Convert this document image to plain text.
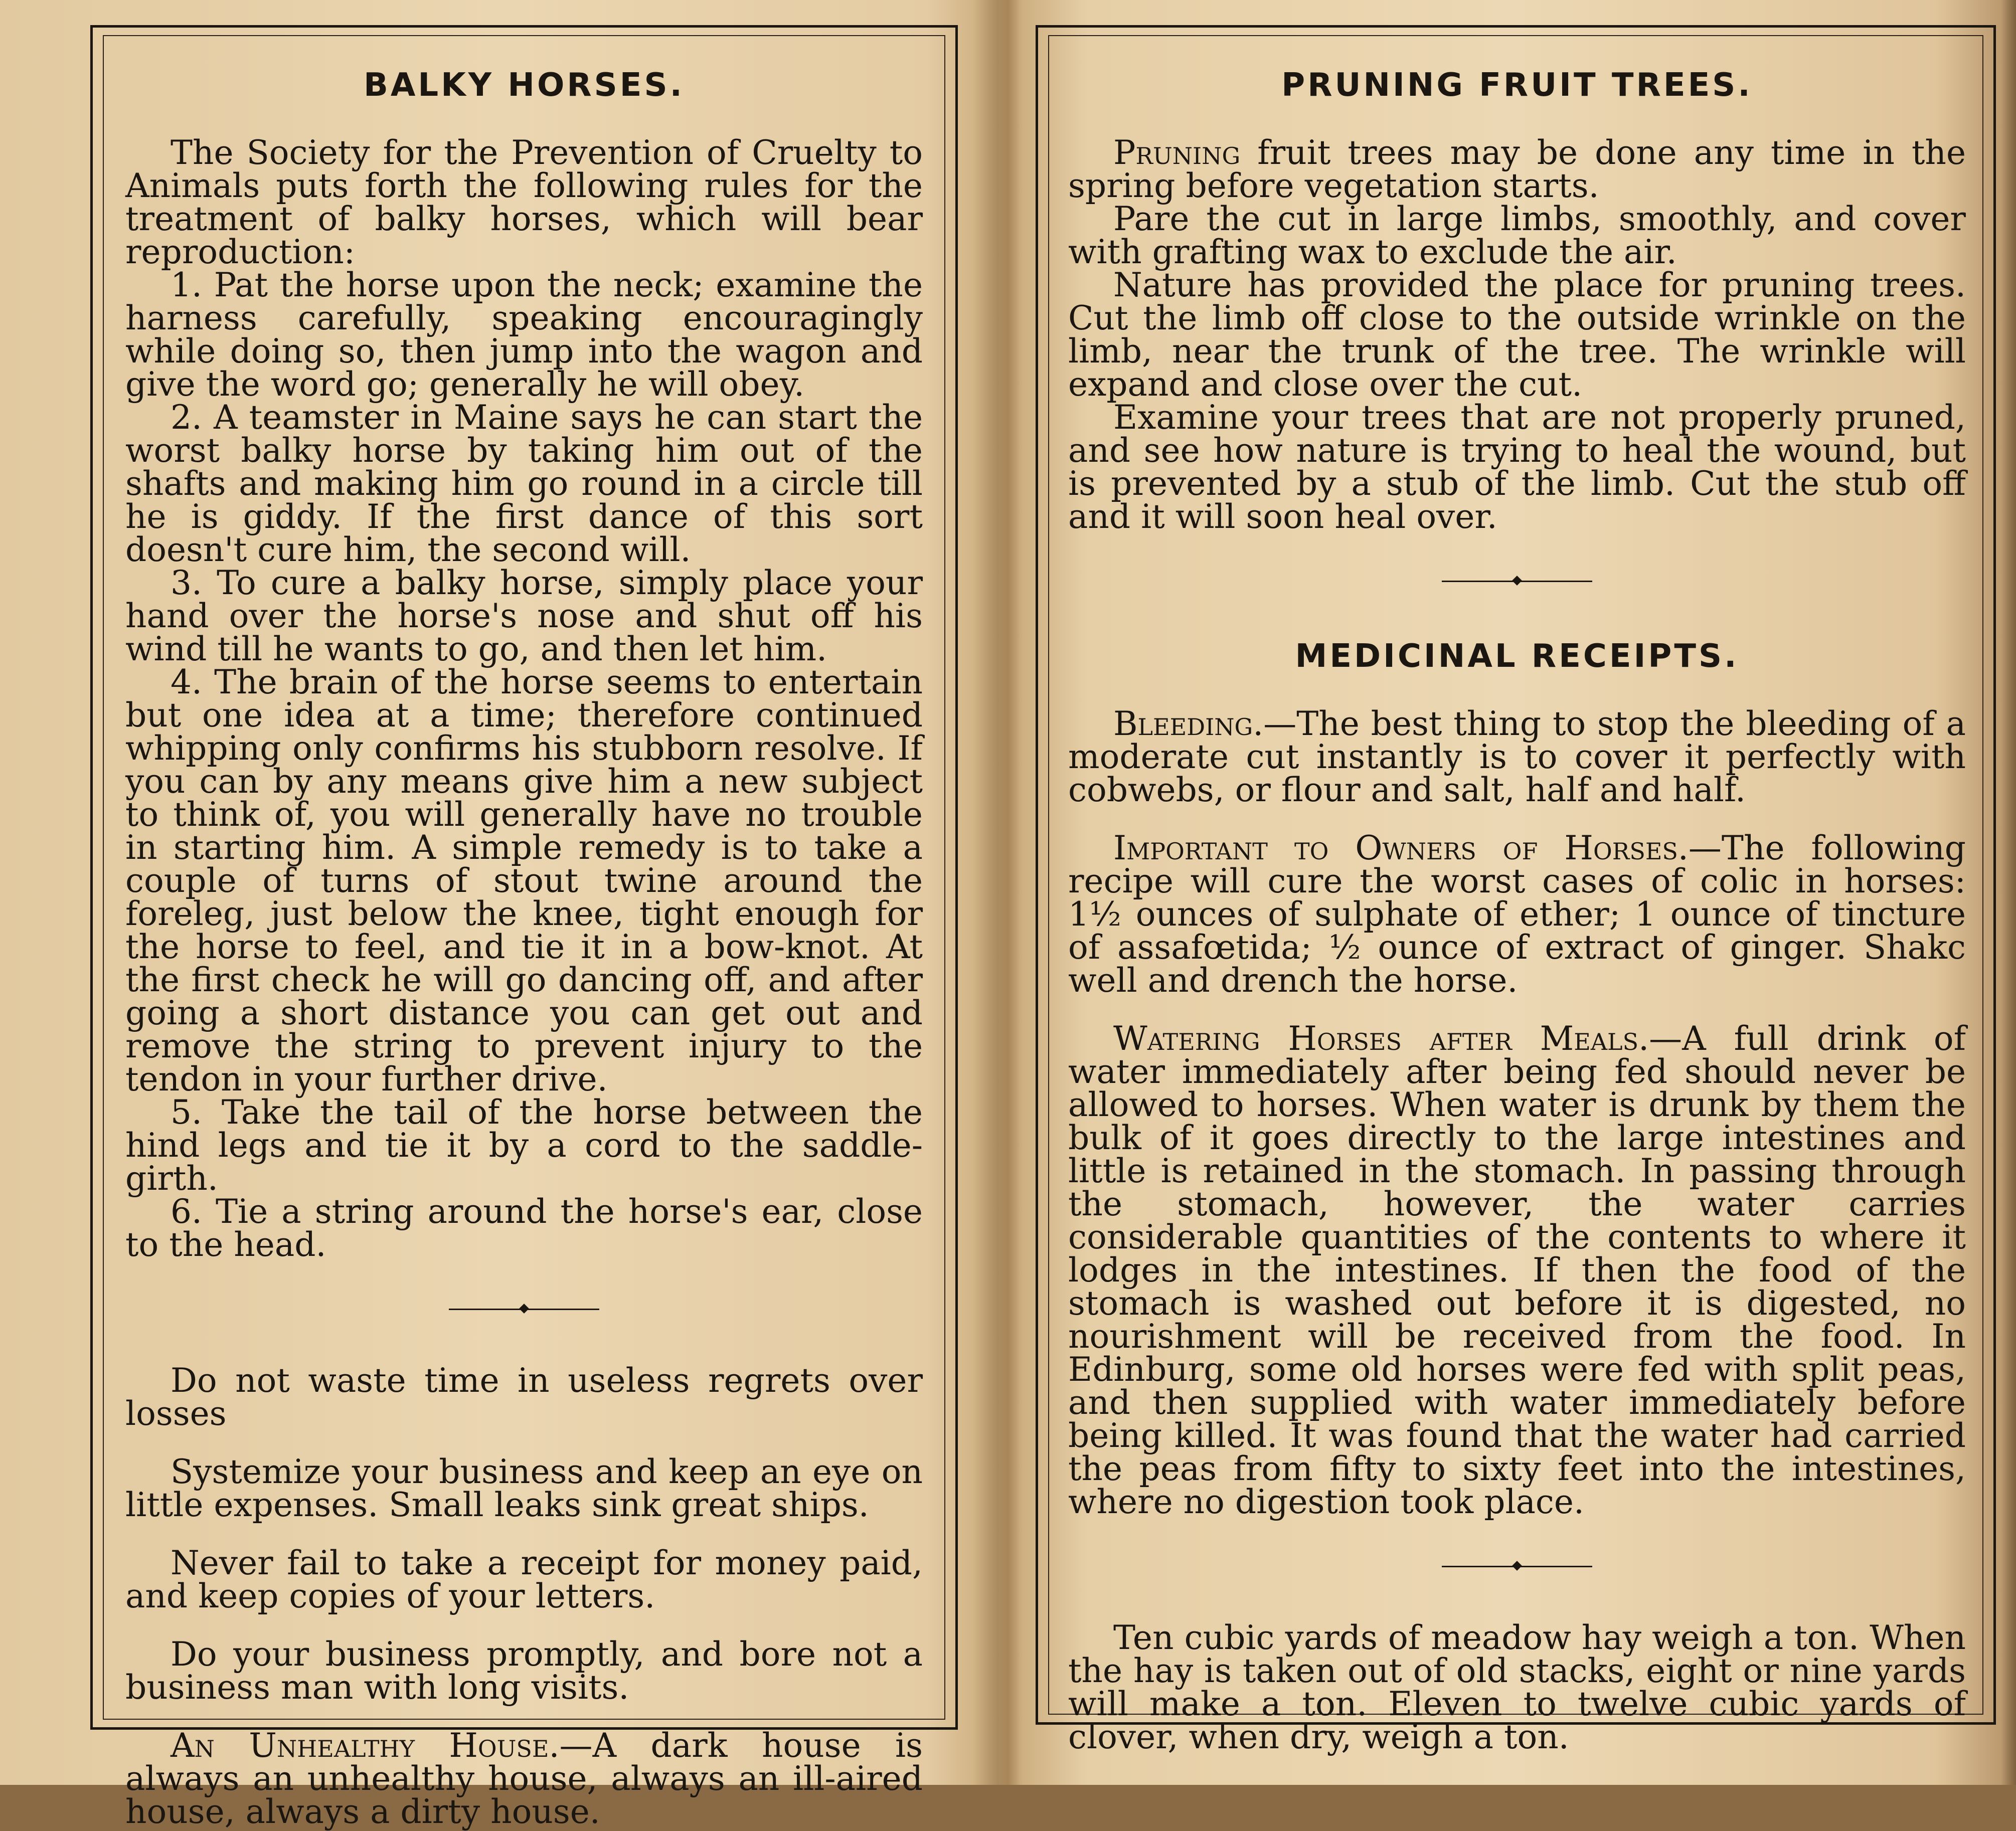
BALKY HORSES.

The Society for the Prevention of Cruelty to Animals puts forth the following rules for the treatment of balky horses, which will bear reproduction:

1. Pat the horse upon the neck; examine the harness carefully, speaking encouragingly while doing so, then jump into the wagon and give the word go; generally he will obey.

2. A teamster in Maine says he can start the worst balky horse by taking him out of the shafts and making him go round in a circle till he is giddy. If the first dance of this sort doesn't cure him, the second will.

3. To cure a balky horse, simply place your hand over the horse's nose and shut off his wind till he wants to go, and then let him.

4. The brain of the horse seems to entertain but one idea at a time; therefore continued whipping only confirms his stubborn resolve. If you can by any means give him a new subject to think of, you will generally have no trouble in starting him. A simple remedy is to take a couple of turns of stout twine around the foreleg, just below the knee, tight enough for the horse to feel, and tie it in a bow-knot. At the first check he will go dancing off, and after going a short distance you can get out and remove the string to prevent injury to the tendon in your further drive.

5. Take the tail of the horse between the hind legs and tie it by a cord to the saddle-girth.

6. Tie a string around the horse's ear, close to the head.

Do not waste time in useless regrets over losses

Systemize your business and keep an eye on little expenses. Small leaks sink great ships.

Never fail to take a receipt for money paid, and keep copies of your letters.

Do your business promptly, and bore not a business man with long visits.

An Unhealthy House.—A dark house is always an unhealthy house, always an ill-aired house, always a dirty house.

PRUNING FRUIT TREES.

Pruning fruit trees may be done any time in the spring before vegetation starts.

Pare the cut in large limbs, smoothly, and cover with grafting wax to exclude the air.

Nature has provided the place for pruning trees. Cut the limb off close to the outside wrinkle on the limb, near the trunk of the tree. The wrinkle will expand and close over the cut.

Examine your trees that are not properly pruned, and see how nature is trying to heal the wound, but is prevented by a stub of the limb. Cut the stub off and it will soon heal over.

MEDICINAL RECEIPTS.

Bleeding.—The best thing to stop the bleeding of a moderate cut instantly is to cover it perfectly with cobwebs, or flour and salt, half and half.

Important to Owners of Horses.—The following recipe will cure the worst cases of colic in horses: 1½ ounces of sulphate of ether; 1 ounce of tincture of assafœtida; ½ ounce of extract of ginger. Shakc well and drench the horse.

Watering Horses after Meals.—A full drink of water immediately after being fed should never be allowed to horses. When water is drunk by them the bulk of it goes directly to the large intestines and little is retained in the stomach. In passing through the stomach, however, the water carries considerable quantities of the contents to where it lodges in the intestines. If then the food of the stomach is washed out before it is digested, no nourishment will be received from the food. In Edinburg, some old horses were fed with split peas, and then supplied with water immediately before being killed. It was found that the water had carried the peas from fifty to sixty feet into the intestines, where no digestion took place.

Ten cubic yards of meadow hay weigh a ton. When the hay is taken out of old stacks, eight or nine yards will make a ton. Eleven to twelve cubic yards of clover, when dry, weigh a ton.
